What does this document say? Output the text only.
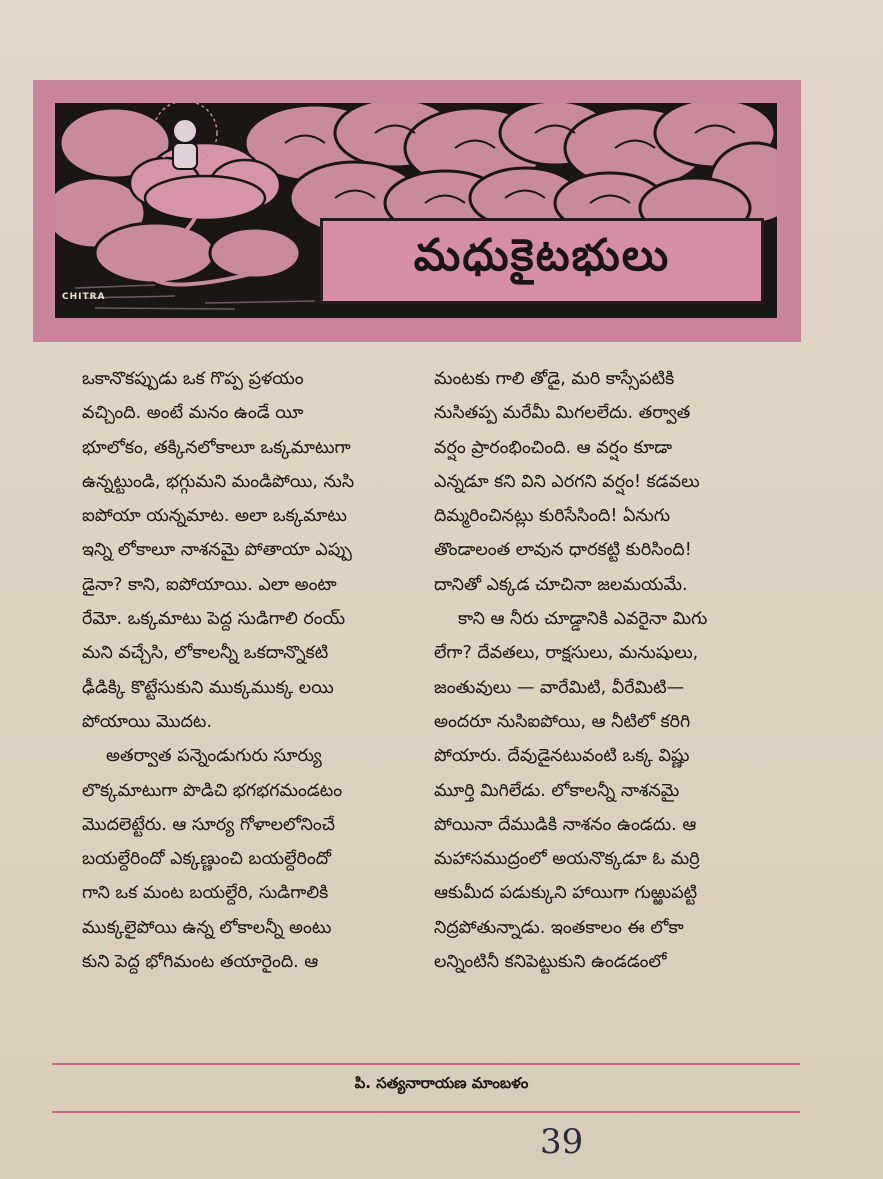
CHITRA
మధుకైటభులు
ఒకానొకప్పుడు ఒక గొప్ప ప్రళయం
వచ్చింది. అంటే మనం ఉండే యీ
భూలోకం, తక్కినలోకాలూ ఒక్కమాటుగా
ఉన్నట్టుండి, భగ్గుమని మండిపోయి, నుసి
ఐపోయా యన్నమాట. అలా ఒక్కమాటు
ఇన్ని లోకాలూ నాశనమై పోతాయా ఎప్పు
డైనా? కాని, ఐపోయాయి. ఎలా అంటా
రేమో. ఒక్కమాటు పెద్ద సుడిగాలి రంయ్
మని వచ్చేసి, లోకాలన్నీ ఒకదాన్నొకటి
ఢీడిక్కి కొట్టేసుకుని ముక్కముక్క లయి
పోయాయి మొదట.
అతర్వాత పన్నెండుగురు సూర్యు
లొక్కమాటుగా పొడిచి భగభగమండటం
మొదలెట్టేరు. ఆ సూర్య గోళాలలోనించే
బయల్దేరిందో ఎక్కణ్ణుంచి బయల్దేరిందో
గాని ఒక మంట బయల్దేరి, సుడిగాలికి
ముక్కలైపోయి ఉన్న లోకాలన్నీ అంటు
కుని పెద్ద భోగిమంట తయారైంది. ఆ
మంటకు గాలి తోడై, మరి కాస్సేపటికి
నుసితప్ప మరేమీ మిగలలేదు. తర్వాత
వర్షం ప్రారంభించింది. ఆ వర్షం కూడా
ఎన్నడూ కని విని ఎరగని వర్షం! కడవలు
దిమ్మరించినట్లు కురిసేసింది! ఏనుగు
తొండాలంత లావున ధారకట్టి కురిసింది!
దానితో ఎక్కడ చూచినా జలమయమే.
కాని ఆ నీరు చూడ్డానికి ఎవరైనా మిగు
లేగా? దేవతలు, రాక్షసులు, మనుషులు,
జంతువులు — వారేమిటి, వీరేమిటి—
అందరూ నుసిఐపోయి, ఆ నీటిలో కరిగి
పోయారు. దేవుడైనటువంటి ఒక్క విష్ణు
మూర్తి మిగిలేడు. లోకాలన్నీ నాశనమై
పోయినా దేముడికి నాశనం ఉండదు. ఆ
మహాసముద్రంలో అయనొక్కడూ ఓ మర్రి
ఆకుమీద పడుక్కుని హాయిగా గుఱ్ఱుపట్టి
నిద్రపోతున్నాడు. ఇంతకాలం ఈ లోకా
లన్నింటినీ కనిపెట్టుకుని ఉండడంలో
పి. సత్యనారాయణ మాంబళం
39
